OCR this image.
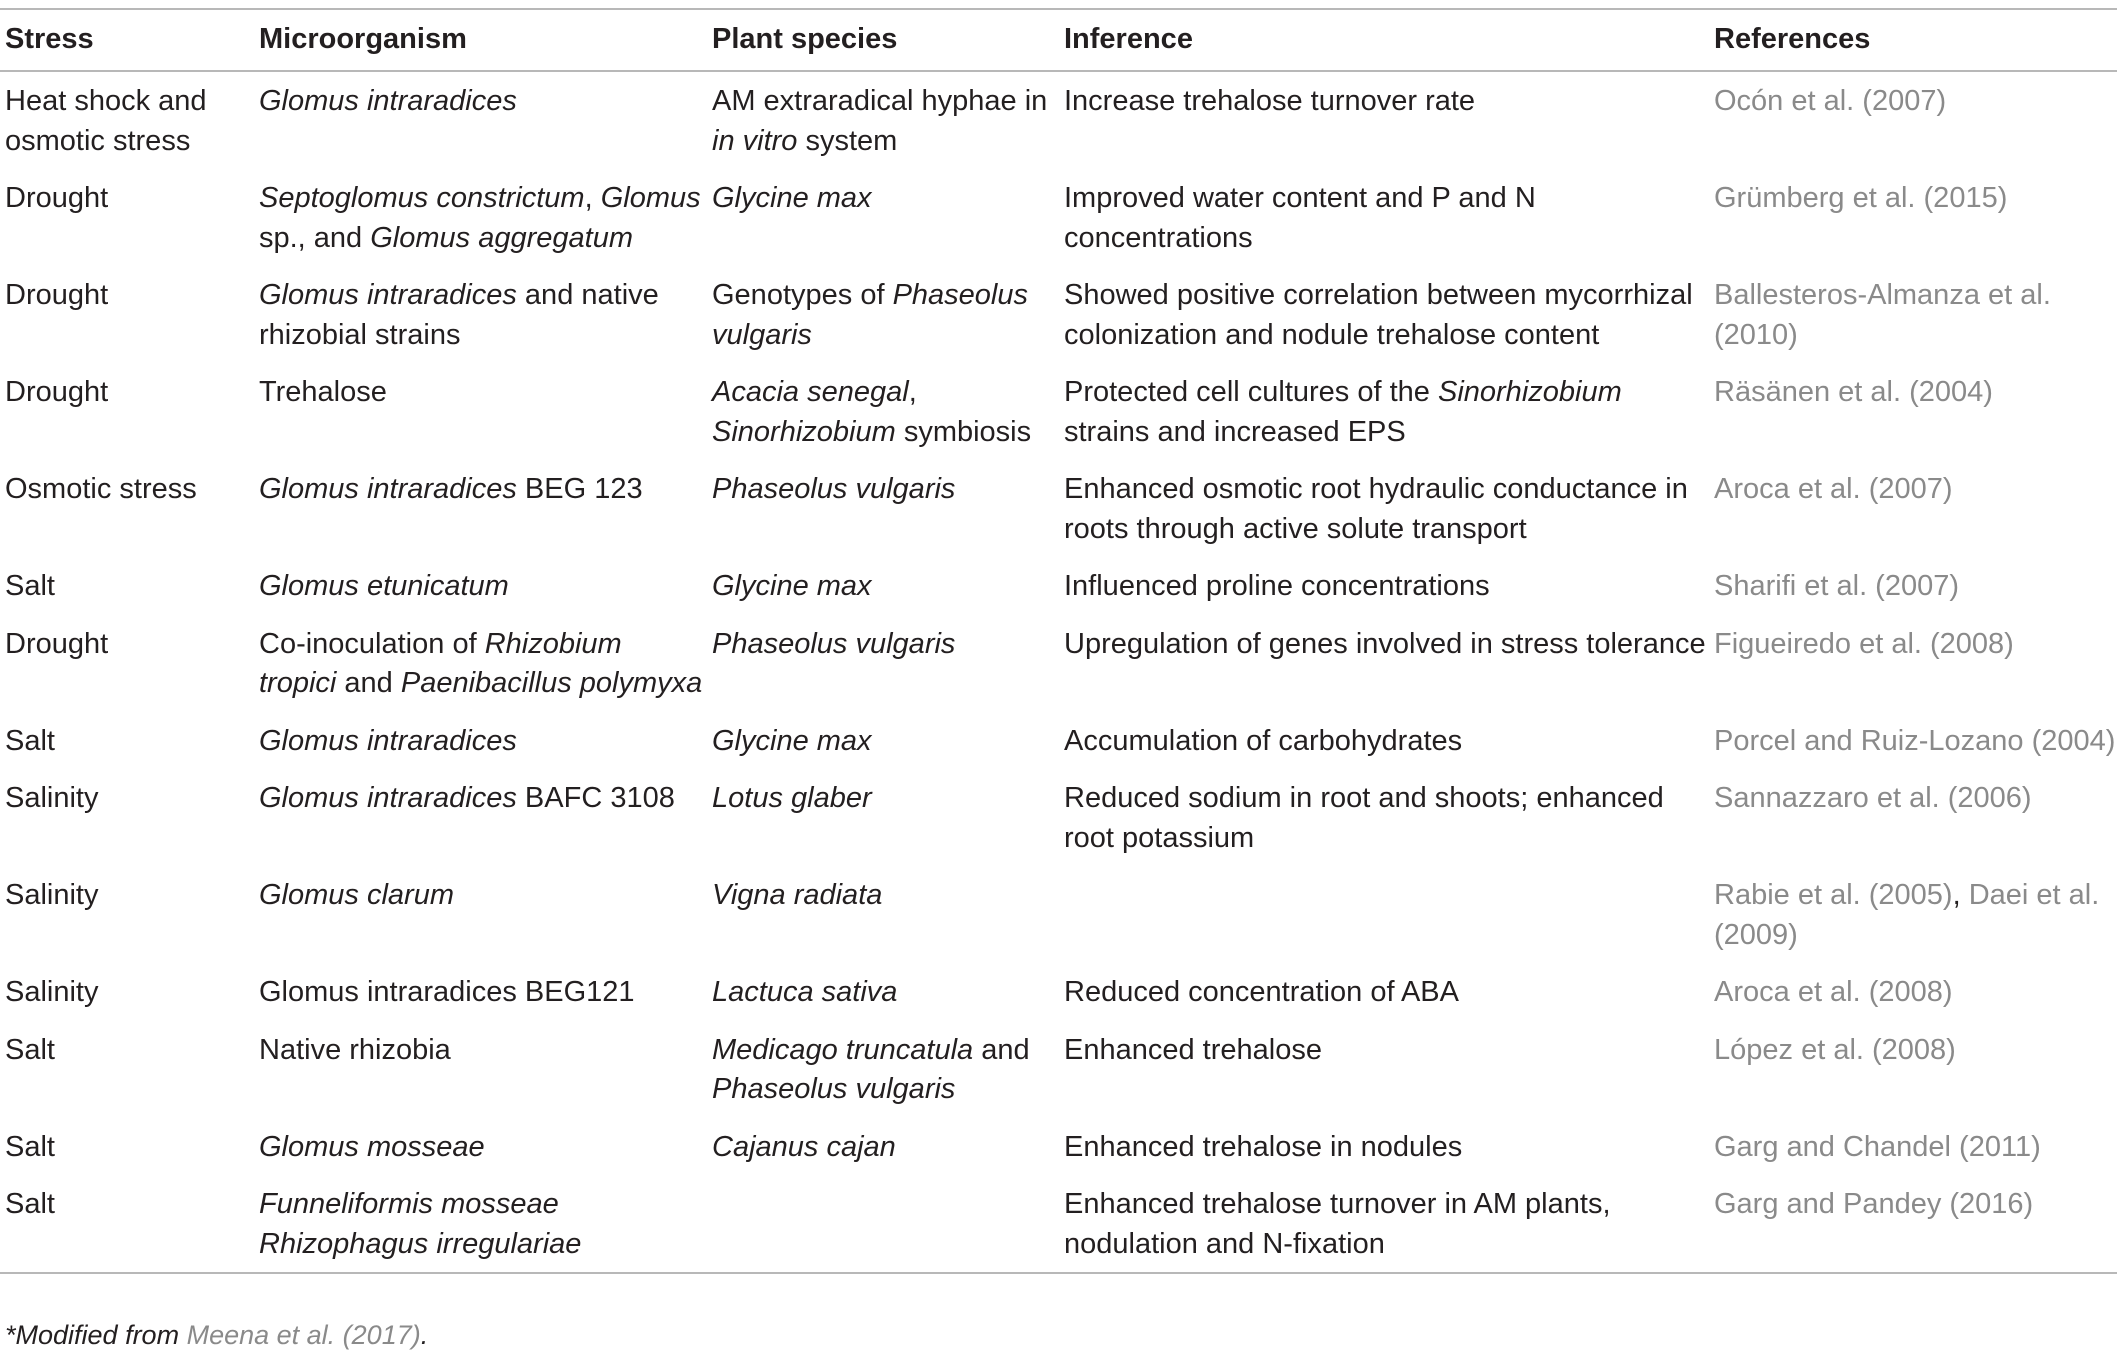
Stress	Microorganism	Plant species	Inference	References
Heat shock and osmotic stress	Glomus intraradices	AM extraradical hyphae in in vitro system	Increase trehalose turnover rate	Ocón et al. (2007)
Drought	Septoglomus constrictum, Glomus sp., and Glomus aggregatum	Glycine max	Improved water content and P and N concentrations	Grümberg et al. (2015)
Drought	Glomus intraradices and native rhizobial strains	Genotypes of Phaseolus vulgaris	Showed positive correlation between mycorrhizal colonization and nodule trehalose content	Ballesteros-Almanza et al. (2010)
Drought	Trehalose	Acacia senegal, Sinorhizobium symbiosis	Protected cell cultures of the Sinorhizobium strains and increased EPS	Räsänen et al. (2004)
Osmotic stress	Glomus intraradices BEG 123	Phaseolus vulgaris	Enhanced osmotic root hydraulic conductance in roots through active solute transport	Aroca et al. (2007)
Salt	Glomus etunicatum	Glycine max	Influenced proline concentrations	Sharifi et al. (2007)
Drought	Co-inoculation of Rhizobium tropici and Paenibacillus polymyxa	Phaseolus vulgaris	Upregulation of genes involved in stress tolerance	Figueiredo et al. (2008)
Salt	Glomus intraradices	Glycine max	Accumulation of carbohydrates	Porcel and Ruiz-Lozano (2004)
Salinity	Glomus intraradices BAFC 3108	Lotus glaber	Reduced sodium in root and shoots; enhanced root potassium	Sannazzaro et al. (2006)
Salinity	Glomus clarum	Vigna radiata		Rabie et al. (2005), Daei et al. (2009)
Salinity	Glomus intraradices BEG121	Lactuca sativa	Reduced concentration of ABA	Aroca et al. (2008)
Salt	Native rhizobia	Medicago truncatula and Phaseolus vulgaris	Enhanced trehalose	López et al. (2008)
Salt	Glomus mosseae	Cajanus cajan	Enhanced trehalose in nodules	Garg and Chandel (2011)
Salt	Funneliformis mosseae Rhizophagus irregulariae		Enhanced trehalose turnover in AM plants, nodulation and N-fixation	Garg and Pandey (2016)
*Modified from Meena et al. (2017).
